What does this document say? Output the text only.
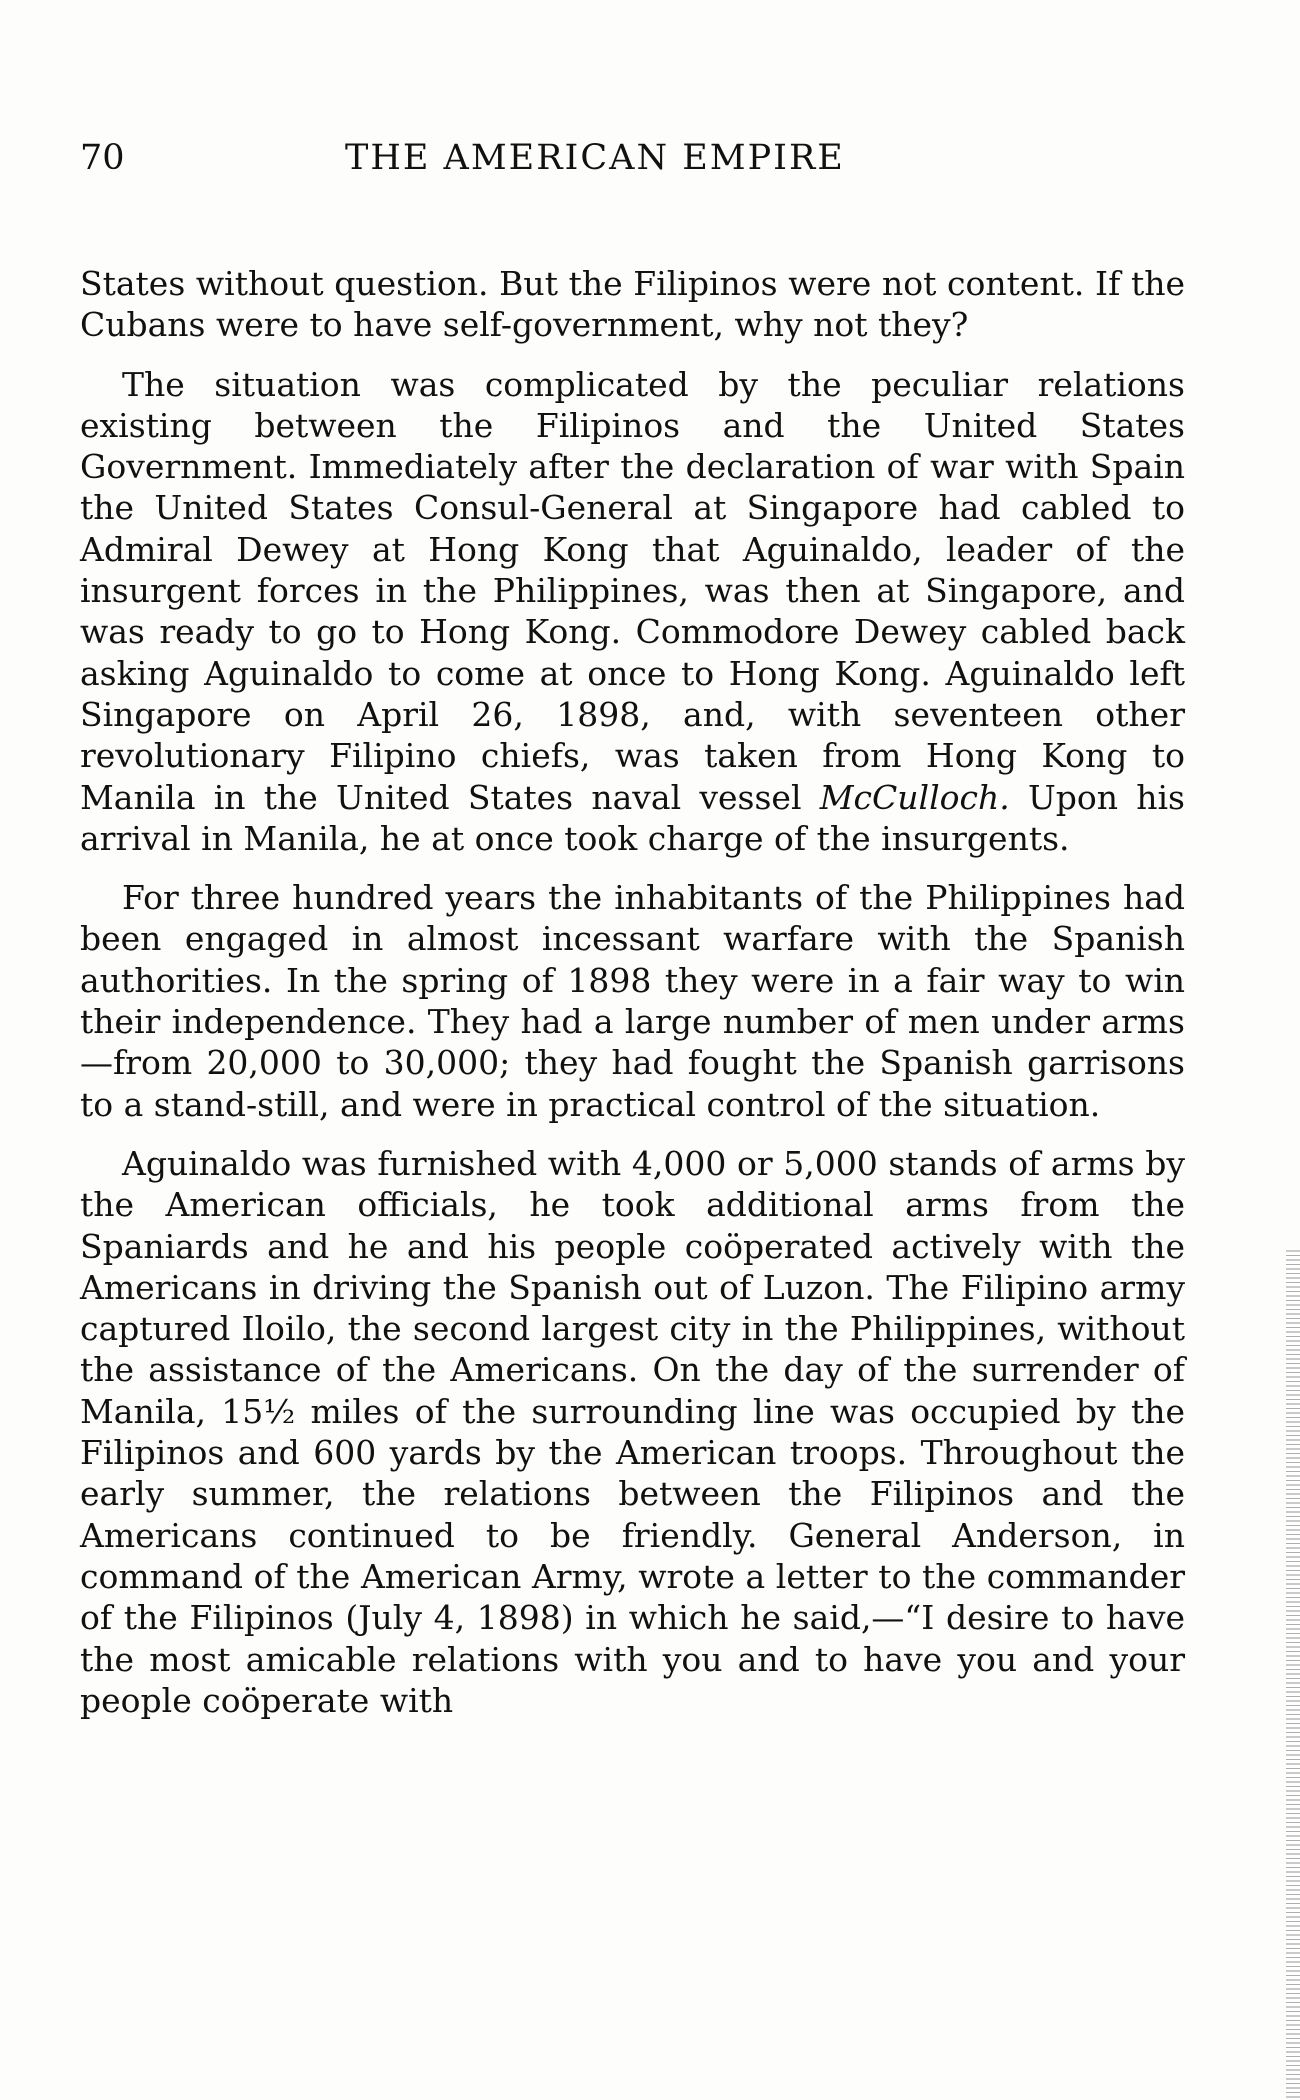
70	THE AMERICAN EMPIRE

States without question. But the Filipinos were not content. If the Cubans were to have self-government, why not they?

The situation was complicated by the peculiar relations existing between the Filipinos and the United States Government. Immediately after the declaration of war with Spain the United States Consul-General at Singapore had cabled to Admiral Dewey at Hong Kong that Aguinaldo, leader of the insurgent forces in the Philippines, was then at Singapore, and was ready to go to Hong Kong. Commodore Dewey cabled back asking Aguinaldo to come at once to Hong Kong. Aguinaldo left Singapore on April 26, 1898, and, with seventeen other revolutionary Filipino chiefs, was taken from Hong Kong to Manila in the United States naval vessel McCulloch. Upon his arrival in Manila, he at once took charge of the insurgents.

For three hundred years the inhabitants of the Philippines had been engaged in almost incessant warfare with the Spanish authorities. In the spring of 1898 they were in a fair way to win their independence. They had a large number of men under arms—from 20,000 to 30,000; they had fought the Spanish garrisons to a stand-still, and were in practical control of the situation.

Aguinaldo was furnished with 4,000 or 5,000 stands of arms by the American officials, he took additional arms from the Spaniards and he and his people coöperated actively with the Americans in driving the Spanish out of Luzon. The Filipino army captured Iloilo, the second largest city in the Philippines, without the assistance of the Americans. On the day of the surrender of Manila, 15½ miles of the surrounding line was occupied by the Filipinos and 600 yards by the American troops. Throughout the early summer, the relations between the Filipinos and the Americans continued to be friendly. General Anderson, in command of the American Army, wrote a letter to the commander of the Filipinos (July 4, 1898) in which he said,—“I desire to have the most amicable relations with you and to have you and your people coöperate with
